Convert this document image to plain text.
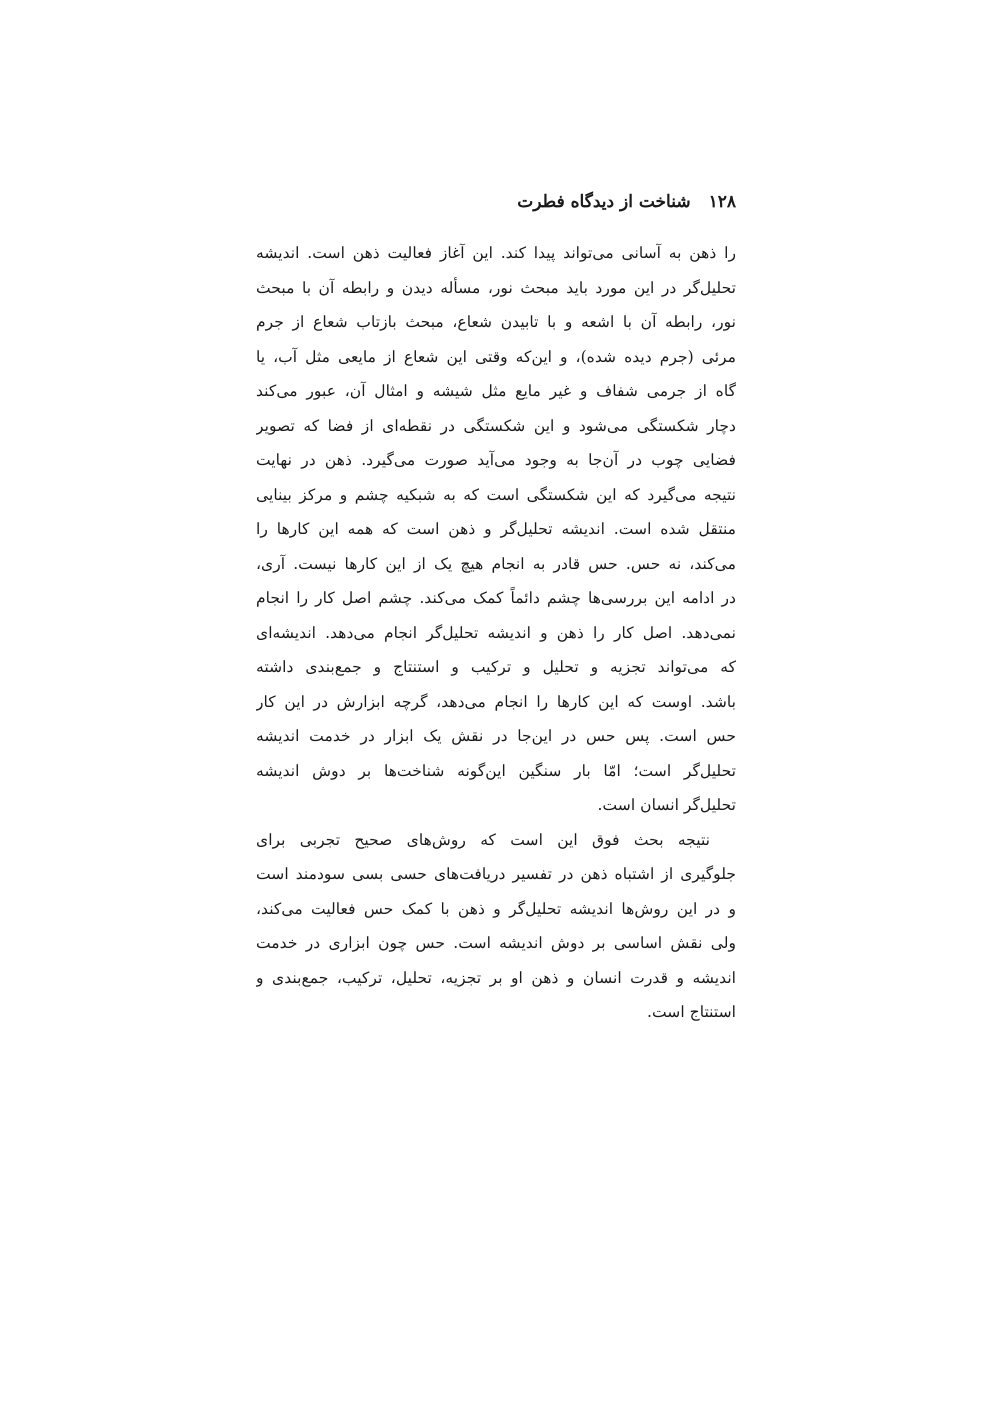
۱۲۸شناخت از دیدگاه فطرت
را ذهن به آسانی می‌تواند پیدا کند. این آغاز فعالیت ذهن است. اندیشه
تحلیل‌گر در این مورد باید مبحث نور، مسأله دیدن و رابطه آن با مبحث
نور، رابطه آن با اشعه و با تابیدن شعاع، مبحث بازتاب شعاع از جرم
مرئی (جرم دیده شده)، و این‌که وقتی این شعاع از مایعی مثل آب، یا
گاه از جرمی شفاف و غیر مایع مثل شیشه و امثال آن، عبور می‌کند
دچار شکستگی می‌شود و این شکستگی در نقطه‌ای از فضا که تصویر
فضایی چوب در آن‌جا به وجود می‌آید صورت می‌گیرد. ذهن در نهایت
نتیجه می‌گیرد که این شکستگی است که به شبکیه چشم و مرکز بینایی
منتقل شده است. اندیشه تحلیل‌گر و ذهن است که همه این کارها را
می‌کند، نه حس. حس قادر به انجام هیچ یک از این کارها نیست. آری،
در ادامه این بررسی‌ها چشم دائماً کمک می‌کند. چشم اصل کار را انجام
نمی‌دهد. اصل کار را ذهن و اندیشه تحلیل‌گر انجام می‌دهد. اندیشه‌ای
که می‌تواند تجزیه و تحلیل و ترکیب و استنتاج و جمع‌بندی داشته
باشد. اوست که این کارها را انجام می‌دهد، گرچه ابزارش در این کار
حس است. پس حس در این‌جا در نقش یک ابزار در خدمت اندیشه
تحلیل‌گر است؛ امّا بار سنگین این‌گونه شناخت‌ها بر دوش اندیشه
تحلیل‌گر انسان است.
نتیجه بحث فوق این است که روش‌های صحیح تجربی برای
جلوگیری از اشتباه ذهن در تفسیر دریافت‌های حسی بسی سودمند است
و در این روش‌ها اندیشه تحلیل‌گر و ذهن با کمک حس فعالیت می‌کند،
ولی نقش اساسی بر دوش اندیشه است. حس چون ابزاری در خدمت
اندیشه و قدرت انسان و ذهن او بر تجزیه، تحلیل، ترکیب، جمع‌بندی و
استنتاج است.
